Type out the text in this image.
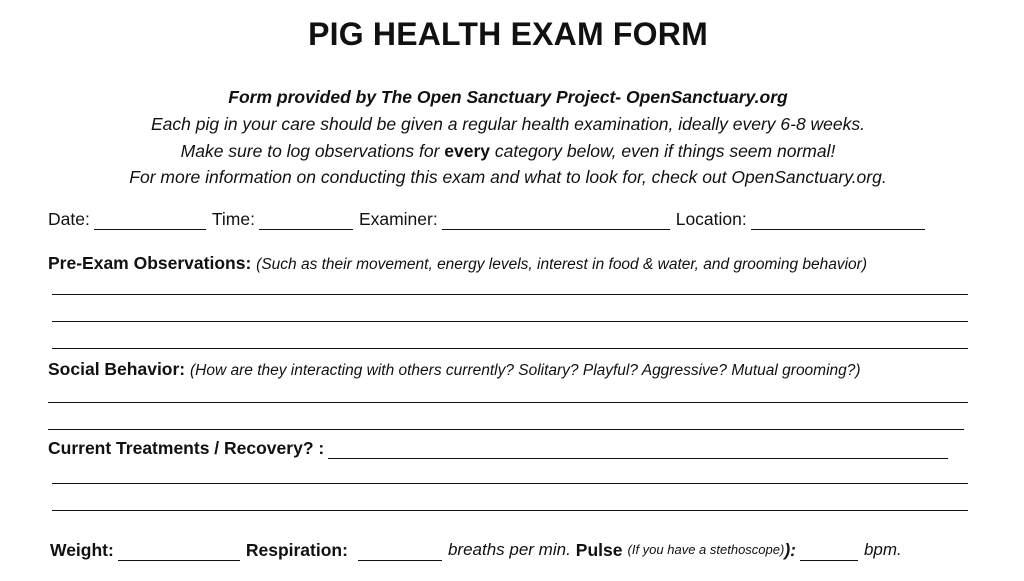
PIG HEALTH EXAM FORM
Form provided by The Open Sanctuary Project- OpenSanctuary.org
Each pig in your care should be given a regular health examination, ideally every 6-8 weeks.
Make sure to log observations for every category below, even if things seem normal!
For more information on conducting this exam and what to look for, check out OpenSanctuary.org.
Date:	Time:	Examiner:	Location:
Pre-Exam Observations: (Such as their movement, energy levels, interest in food & water, and grooming behavior)
Social Behavior: (How are they interacting with others currently? Solitary? Playful? Aggressive? Mutual grooming?)
Current Treatments / Recovery? :
Weight:	Respiration:	breaths per min. Pulse (If you have a stethoscope) ):	bpm.
